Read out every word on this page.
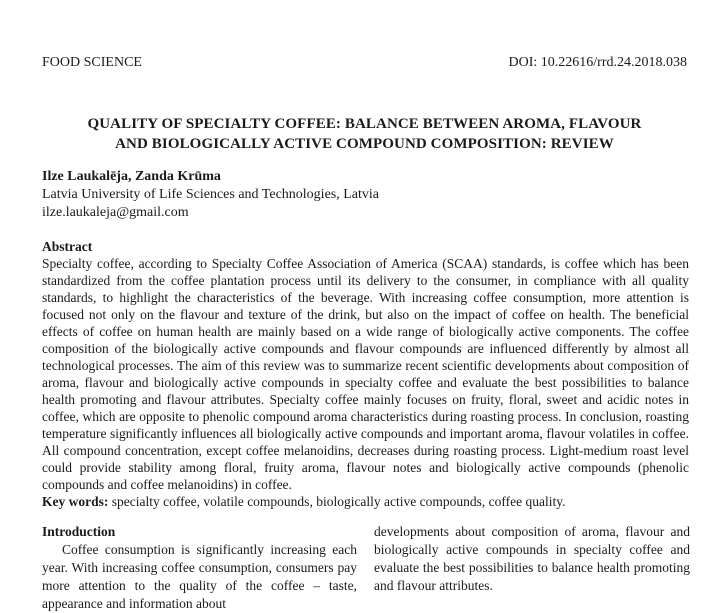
FOOD SCIENCE	DOI: 10.22616/rrd.24.2018.038
QUALITY OF SPECIALTY COFFEE: BALANCE BETWEEN AROMA, FLAVOUR
AND BIOLOGICALLY ACTIVE COMPOUND COMPOSITION: REVIEW
Ilze Laukalēja, Zanda Krūma
Latvia University of Life Sciences and Technologies, Latvia
ilze.laukaleja@gmail.com
Abstract
Specialty coffee, according to Specialty Coffee Association of America (SCAA) standards, is coffee which has been standardized from the coffee plantation process until its delivery to the consumer, in compliance with all quality standards, to highlight the characteristics of the beverage. With increasing coffee consumption, more attention is focused not only on the flavour and texture of the drink, but also on the impact of coffee on health. The beneficial effects of coffee on human health are mainly based on a wide range of biologically active components. The coffee composition of the biologically active compounds and flavour compounds are influenced differently by almost all technological processes. The aim of this review was to summarize recent scientific developments about composition of aroma, flavour and biologically active compounds in specialty coffee and evaluate the best possibilities to balance health promoting and flavour attributes. Specialty coffee mainly focuses on fruity, floral, sweet and acidic notes in coffee, which are opposite to phenolic compound aroma characteristics during roasting process. In conclusion, roasting temperature significantly influences all biologically active compounds and important aroma, flavour volatiles in coffee. All compound concentration, except coffee melanoidins, decreases during roasting process. Light-medium roast level could provide stability among floral, fruity aroma, flavour notes and biologically active compounds (phenolic compounds and coffee melanoidins) in coffee.
Key words: specialty coffee, volatile compounds, biologically active compounds, coffee quality.
Introduction
Coffee consumption is significantly increasing each year. With increasing coffee consumption, consumers pay more attention to the quality of the coffee – taste, appearance and information about
developments about composition of aroma, flavour and biologically active compounds in specialty coffee and evaluate the best possibilities to balance health promoting and flavour attributes.
